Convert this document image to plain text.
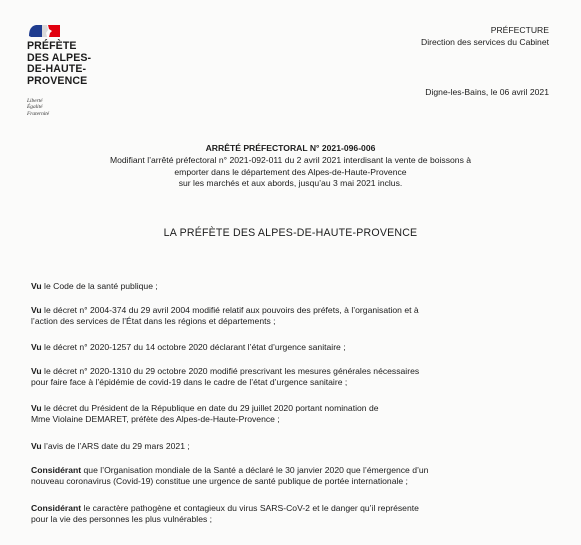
PRÉFÈTE
DES ALPES-
DE-HAUTE-
PROVENCE
Liberté
Égalité
Fraternité
PRÉFECTURE
Direction des services du Cabinet
Digne-les-Bains, le 06 avril 2021
ARRÊTÉ PRÉFECTORAL N° 2021-096-006
Modifiant l’arrêté préfectoral n° 2021-092-011 du 2 avril 2021 interdisant la vente de boissons à
emporter dans le département des Alpes-de-Haute-Provence
sur les marchés et aux abords, jusqu’au 3 mai 2021 inclus.
LA PRÉFÈTE DES ALPES-DE-HAUTE-PROVENCE
Vu le Code de la santé publique ;
Vu le décret n° 2004-374 du 29 avril 2004 modifié relatif aux pouvoirs des préfets, à l’organisation et à
l’action des services de l’État dans les régions et départements ;
Vu le décret n° 2020-1257 du 14 octobre 2020 déclarant l’état d’urgence sanitaire ;
Vu le décret n° 2020-1310 du 29 octobre 2020 modifié prescrivant les mesures générales nécessaires
pour faire face à l’épidémie de covid-19 dans le cadre de l’état d’urgence sanitaire ;
Vu le décret du Président de la République en date du 29 juillet 2020 portant nomination de
Mme Violaine DEMARET, préfète des Alpes-de-Haute-Provence ;
Vu l’avis de l’ARS date du 29 mars 2021 ;
Considérant que l’Organisation mondiale de la Santé a déclaré le 30 janvier 2020 que l’émergence d’un
nouveau coronavirus (Covid-19) constitue une urgence de santé publique de portée internationale ;
Considérant le caractère pathogène et contagieux du virus SARS-CoV-2 et le danger qu’il représente
pour la vie des personnes les plus vulnérables ;
